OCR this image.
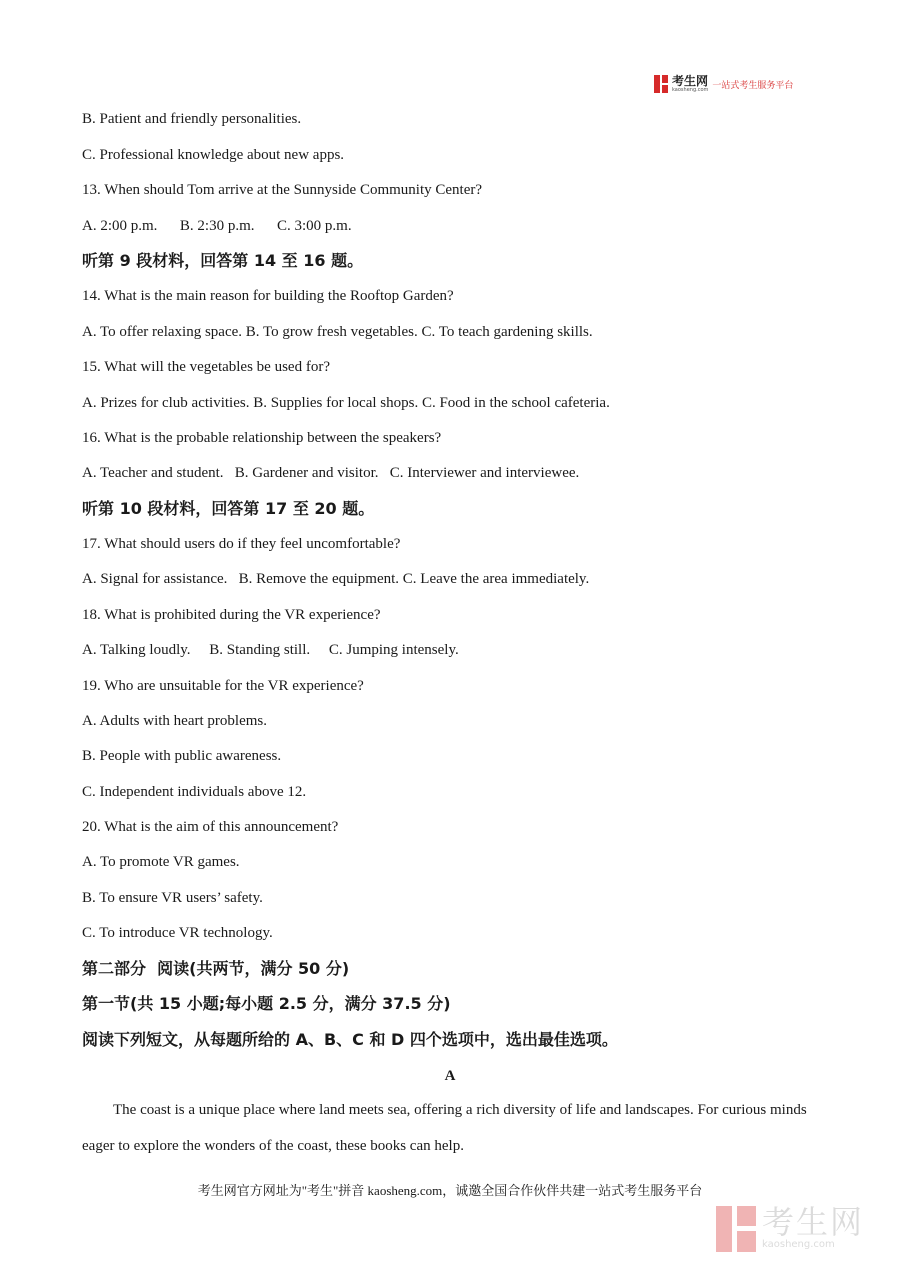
考生网
kaosheng.com 一站式考生服务平台
B. Patient and friendly personalities.
C. Professional knowledge about new apps.
13. When should Tom arrive at the Sunnyside Community Center?
A. 2:00 p.m.      B. 2:30 p.m.      C. 3:00 p.m.
听第 9 段材料，回答第 14 至 16 题。
14. What is the main reason for building the Rooftop Garden?
A. To offer relaxing space. B. To grow fresh vegetables. C. To teach gardening skills.
15. What will the vegetables be used for?
A. Prizes for club activities. B. Supplies for local shops. C. Food in the school cafeteria.
16. What is the probable relationship between the speakers?
A. Teacher and student.   B. Gardener and visitor.   C. Interviewer and interviewee.
听第 10 段材料，回答第 17 至 20 题。
17. What should users do if they feel uncomfortable?
A. Signal for assistance.   B. Remove the equipment. C. Leave the area immediately.
18. What is prohibited during the VR experience?
A. Talking loudly.     B. Standing still.     C. Jumping intensely.
19. Who are unsuitable for the VR experience?
A. Adults with heart problems.
B. People with public awareness.
C. Independent individuals above 12.
20. What is the aim of this announcement?
A. To promote VR games.
B. To ensure VR users’ safety.
C. To introduce VR technology.
第二部分  阅读(共两节，满分 50 分)
第一节(共 15 小题;每小题 2.5 分，满分 37.5 分)
阅读下列短文，从每题所给的 A、B、C 和 D 四个选项中，选出最佳选项。
A
The coast is a unique place where land meets sea, offering a rich diversity of life and landscapes. For curious minds eager to explore the wonders of the coast, these books can help.
考生网官方网址为"考生"拼音 kaosheng.com，诚邀全国合作伙伴共建一站式考生服务平台
考生网
kaosheng.com
